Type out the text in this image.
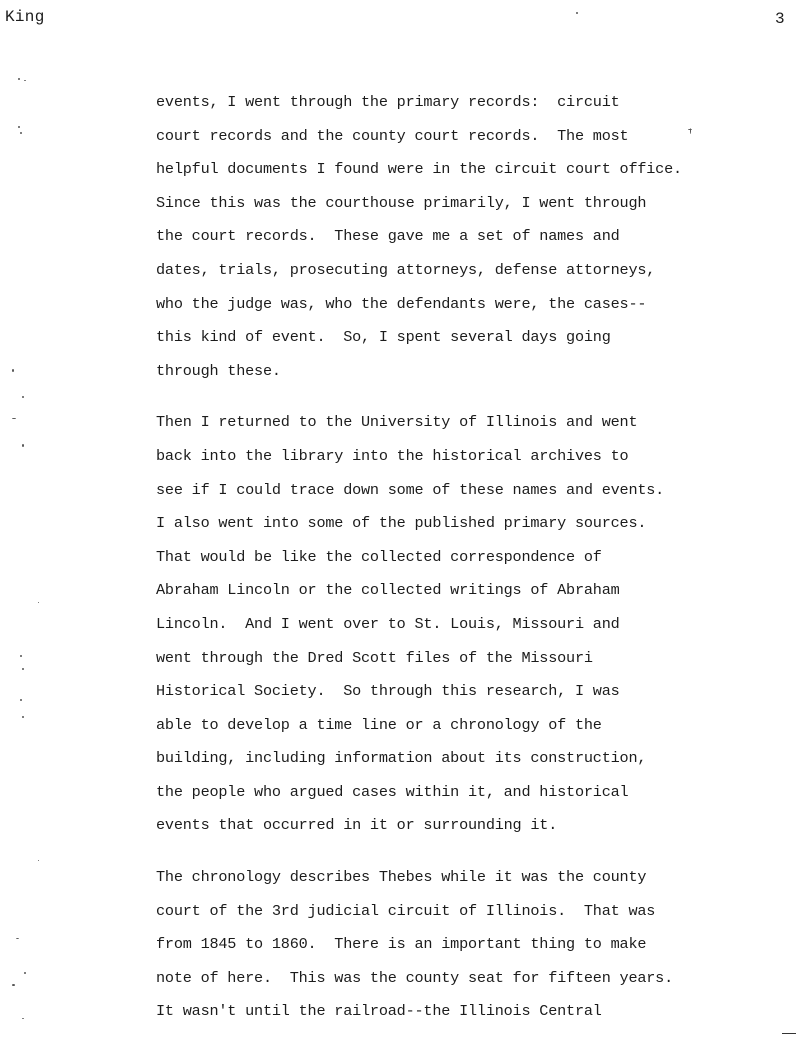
King	3
events, I went through the primary records:  circuit
court records and the county court records.  The most
helpful documents I found were in the circuit court office.
Since this was the courthouse primarily, I went through
the court records.  These gave me a set of names and
dates, trials, prosecuting attorneys, defense attorneys,
who the judge was, who the defendants were, the cases--
this kind of event.  So, I spent several days going
through these.
Then I returned to the University of Illinois and went
back into the library into the historical archives to
see if I could trace down some of these names and events.
I also went into some of the published primary sources.
That would be like the collected correspondence of
Abraham Lincoln or the collected writings of Abraham
Lincoln.  And I went over to St. Louis, Missouri and
went through the Dred Scott files of the Missouri
Historical Society.  So through this research, I was
able to develop a time line or a chronology of the
building, including information about its construction,
the people who argued cases within it, and historical
events that occurred in it or surrounding it.
The chronology describes Thebes while it was the county
court of the 3rd judicial circuit of Illinois.  That was
from 1845 to 1860.  There is an important thing to make
note of here.  This was the county seat for fifteen years.
It wasn't until the railroad--the Illinois Central
